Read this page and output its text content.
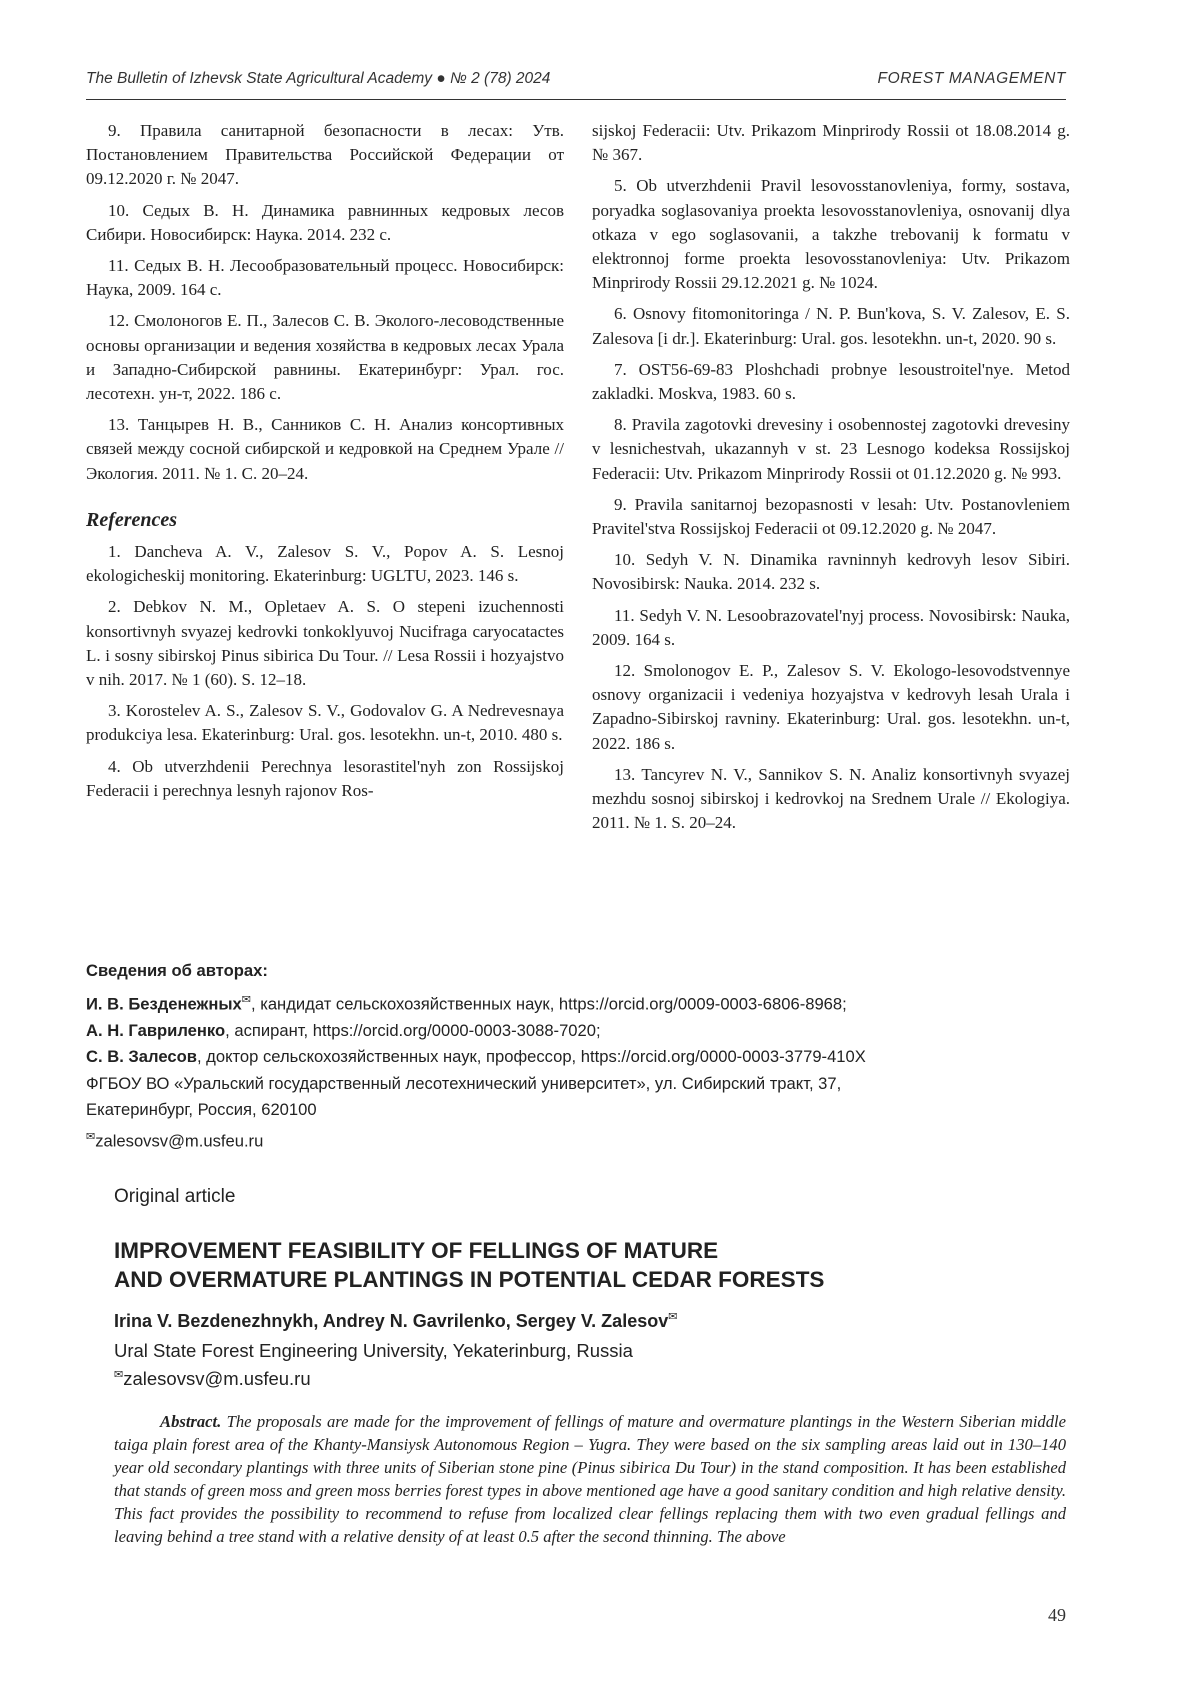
The Bulletin of Izhevsk State Agricultural Academy ● № 2 (78) 2024	FOREST MANAGEMENT

9. Правила санитарной безопасности в лесах: Утв. Постановлением Правительства Российской Федерации от 09.12.2020 г. № 2047.

10. Седых В. Н. Динамика равнинных кедровых лесов Сибири. Новосибирск: Наука. 2014. 232 с.

11. Седых В. Н. Лесообразовательный процесс. Новосибирск: Наука, 2009. 164 с.

12. Смолоногов Е. П., Залесов С. В. Эколого-лесоводственные основы организации и ведения хозяйства в кедровых лесах Урала и Западно-Сибирской равнины. Екатеринбург: Урал. гос. лесотехн. ун-т, 2022. 186 с.

13. Танцырев Н. В., Санников С. Н. Анализ консортивных связей между сосной сибирской и кедровкой на Среднем Урале // Экология. 2011. № 1. С. 20–24.

References

1. Dancheva A. V., Zalesov S. V., Popov A. S. Lesnoj ekologicheskij monitoring. Ekaterinburg: UGLTU, 2023. 146 s.

2. Debkov N. M., Opletaev A. S. O stepeni izuchennosti konsortivnyh svyazej kedrovki tonkoklyuvoj Nucifraga caryocatactes L. i sosny sibirskoj Pinus sibirica Du Tour. // Lesa Rossii i hozyajstvo v nih. 2017. № 1 (60). S. 12–18.

3. Korostelev A. S., Zalesov S. V., Godovalov G. A Nedrevesnaya produkciya lesa. Ekaterinburg: Ural. gos. lesotekhn. un-t, 2010. 480 s.

4. Ob utverzhdenii Perechnya lesorastitel'nyh zon Rossijskoj Federacii i perechnya lesnyh rajonov Ros-

sijskoj Federacii: Utv. Prikazom Minprirody Rossii ot 18.08.2014 g. № 367.

5. Ob utverzhdenii Pravil lesovosstanovleniya, formy, sostava, poryadka soglasovaniya proekta lesovosstanovleniya, osnovanij dlya otkaza v ego soglasovanii, a takzhe trebovanij k formatu v elektronnoj forme proekta lesovosstanovleniya: Utv. Prikazom Minprirody Rossii 29.12.2021 g. № 1024.

6. Osnovy fitomonitoringa / N. P. Bun'kova, S. V. Zalesov, E. S. Zalesova [i dr.]. Ekaterinburg: Ural. gos. lesotekhn. un-t, 2020. 90 s.

7. OST56-69-83 Ploshchadi probnye lesoustroitel'nye. Metod zakladki. Moskva, 1983. 60 s.

8. Pravila zagotovki drevesiny i osobennostej zagotovki drevesiny v lesnichestvah, ukazannyh v st. 23 Lesnogo kodeksa Rossijskoj Federacii: Utv. Prikazom Minprirody Rossii ot 01.12.2020 g. № 993.

9. Pravila sanitarnoj bezopasnosti v lesah: Utv. Postanovleniem Pravitel'stva Rossijskoj Federacii ot 09.12.2020 g. № 2047.

10. Sedyh V. N. Dinamika ravninnyh kedrovyh lesov Sibiri. Novosibirsk: Nauka. 2014. 232 s.

11. Sedyh V. N. Lesoobrazovatel'nyj process. Novosibirsk: Nauka, 2009. 164 s.

12. Smolonogov E. P., Zalesov S. V. Ekologo-lesovodstvennye osnovy organizacii i vedeniya hozyajstva v kedrovyh lesah Urala i Zapadno-Sibirskoj ravniny. Ekaterinburg: Ural. gos. lesotekhn. un-t, 2022. 186 s.

13. Tancyrev N. V., Sannikov S. N. Analiz konsortivnyh svyazej mezhdu sosnoj sibirskoj i kedrovkoj na Srednem Urale // Ekologiya. 2011. № 1. S. 20–24.

Сведения об авторах:
И. В. Безденежных✉, кандидат сельскохозяйственных наук, https://orcid.org/0009-0003-6806-8968;
А. Н. Гавриленко, аспирант, https://orcid.org/0000-0003-3088-7020;
С. В. Залесов, доктор сельскохозяйственных наук, профессор, https://orcid.org/0000-0003-3779-410X
ФГБОУ ВО «Уральский государственный лесотехнический университет», ул. Сибирский тракт, 37,
Екатеринбург, Россия, 620100
✉zalesovsv@m.usfeu.ru
Original article
IMPROVEMENT FEASIBILITY OF FELLINGS OF MATURE
AND OVERMATURE PLANTINGS IN POTENTIAL CEDAR FORESTS
Irina V. Bezdenezhnykh, Andrey N. Gavrilenko, Sergey V. Zalesov✉
Ural State Forest Engineering University, Yekaterinburg, Russia
✉zalesovsv@m.usfeu.ru
Abstract. The proposals are made for the improvement of fellings of mature and overmature plantings in the Western Siberian middle taiga plain forest area of the Khanty-Mansiysk Autonomous Region – Yugra. They were based on the six sampling areas laid out in 130–140 year old secondary plantings with three units of Siberian stone pine (Pinus sibirica Du Tour) in the stand composition. It has been established that stands of green moss and green moss berries forest types in above mentioned age have a good sanitary condition and high relative density. This fact provides the possibility to recommend to refuse from localized clear fellings replacing them with two even gradual fellings and leaving behind a tree stand with a relative density of at least 0.5 after the second thinning. The above
49
